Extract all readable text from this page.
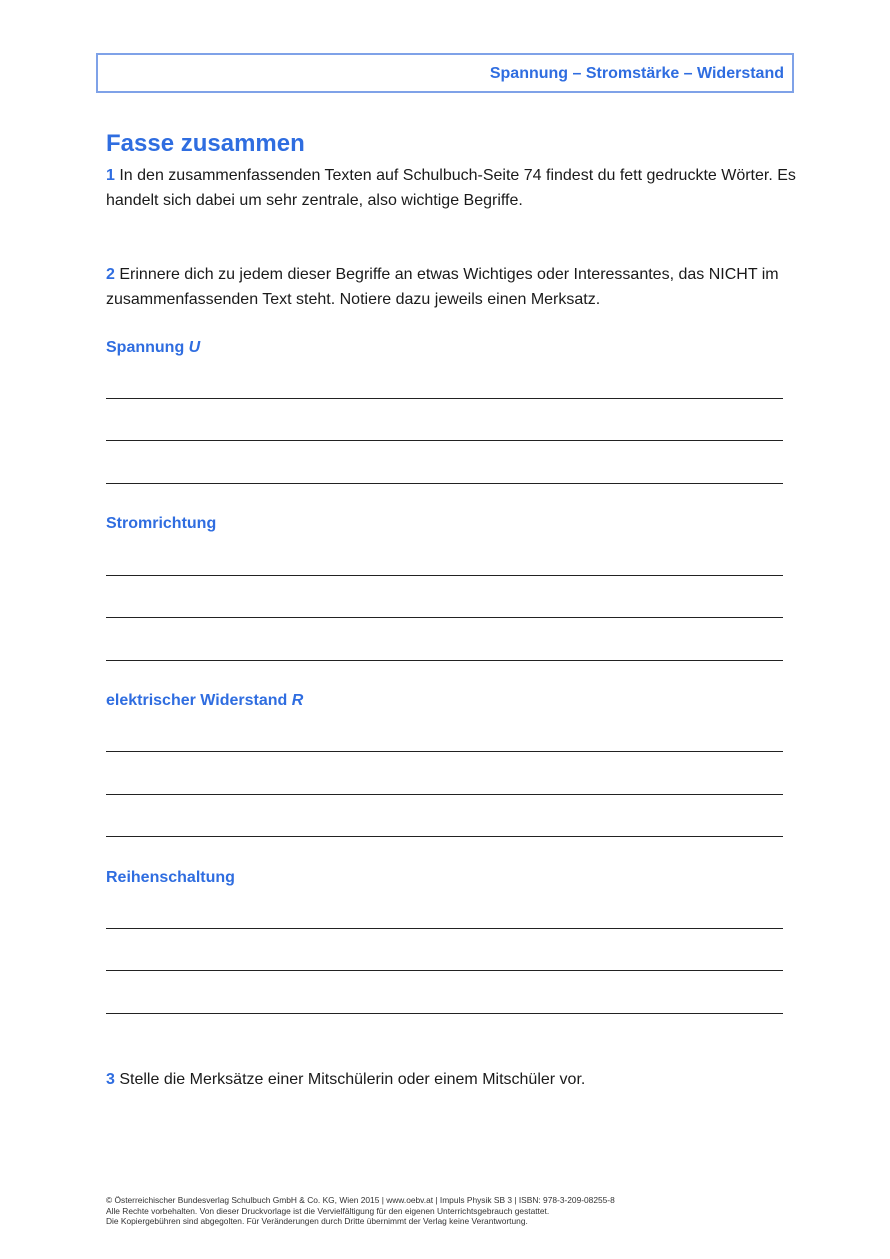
Spannung – Stromstärke – Widerstand
Fasse zusammen

1 In den zusammenfassenden Texten auf Schulbuch-Seite 74 findest du fett gedruckte Wörter. Es handelt sich dabei um sehr zentrale, also wichtige Begriffe.

2 Erinnere dich zu jedem dieser Begriffe an etwas Wichtiges oder Interessantes, das NICHT im zusammenfassenden Text steht. Notiere dazu jeweils einen Merksatz.

Spannung U
Stromrichtung
elektrischer Widerstand R
Reihenschaltung

3 Stelle die Merksätze einer Mitschülerin oder einem Mitschüler vor.

© Österreichischer Bundesverlag Schulbuch GmbH & Co. KG, Wien 2015 | www.oebv.at | Impuls Physik SB 3 | ISBN: 978-3-209-08255-8
Alle Rechte vorbehalten. Von dieser Druckvorlage ist die Vervielfältigung für den eigenen Unterrichtsgebrauch gestattet.
Die Kopiergebühren sind abgegolten. Für Veränderungen durch Dritte übernimmt der Verlag keine Verantwortung.
